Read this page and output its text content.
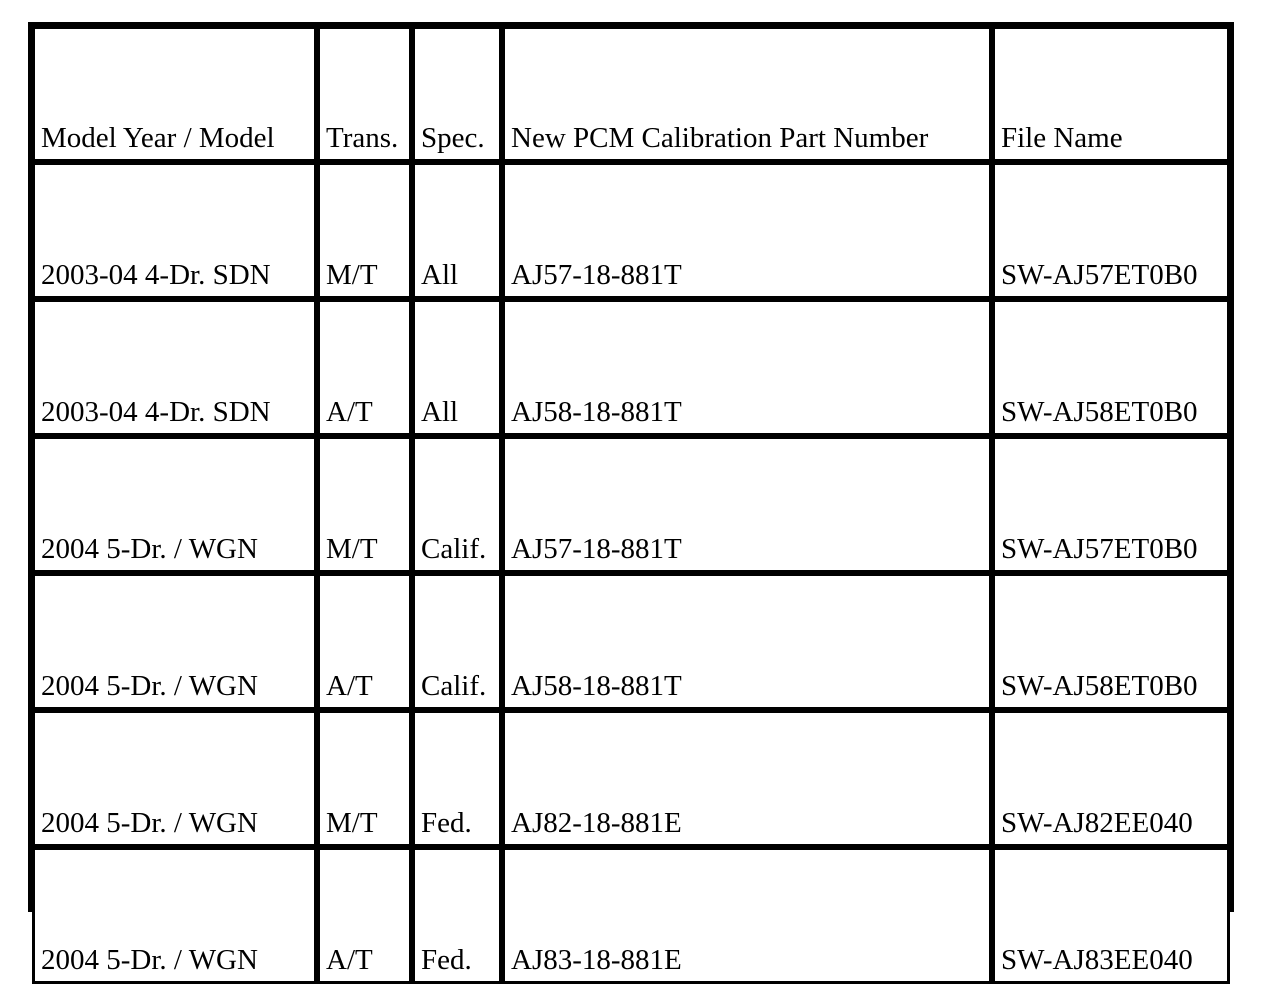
Model Year / Model	Trans.	Spec.	New PCM Calibration Part Number	File Name
2003-04 4-Dr. SDN	M/T	All	AJ57-18-881T	SW-AJ57ET0B0
2003-04 4-Dr. SDN	A/T	All	AJ58-18-881T	SW-AJ58ET0B0
2004 5-Dr. / WGN	M/T	Calif.	AJ57-18-881T	SW-AJ57ET0B0
2004 5-Dr. / WGN	A/T	Calif.	AJ58-18-881T	SW-AJ58ET0B0
2004 5-Dr. / WGN	M/T	Fed.	AJ82-18-881E	SW-AJ82EE040
2004 5-Dr. / WGN	A/T	Fed.	AJ83-18-881E	SW-AJ83EE040
